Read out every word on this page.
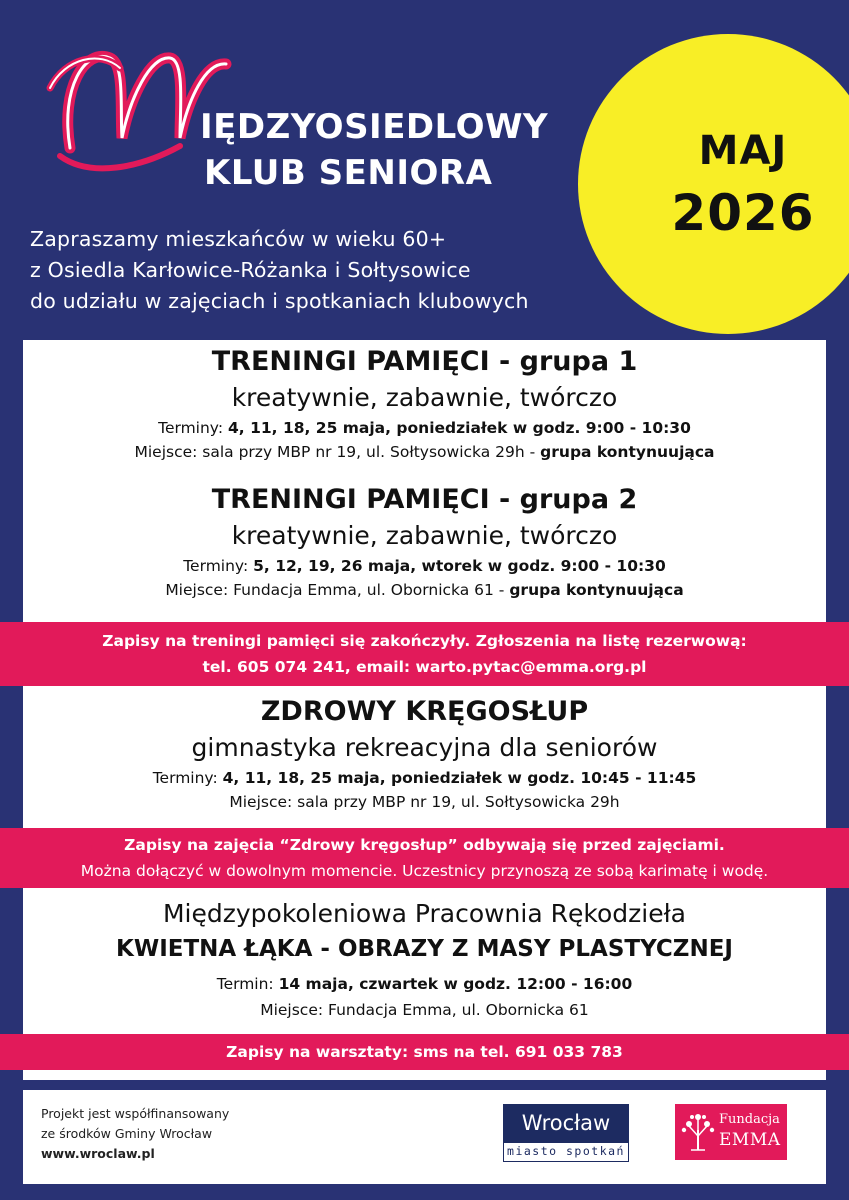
IĘDZYOSIEDLOWY
KLUB SENIORA	MAJ
2026
Zapraszamy mieszkańców w wieku 60+
z Osiedla Karłowice-Różanka i Sołtysowice
do udziału w zajęciach i spotkaniach klubowych
TRENINGI PAMIĘCI - grupa 1
kreatywnie, zabawnie, twórczo
Terminy: 4, 11, 18, 25 maja, poniedziałek w godz. 9:00 - 10:30
Miejsce: sala przy MBP nr 19, ul. Sołtysowicka 29h - grupa kontynuująca
TRENINGI PAMIĘCI - grupa 2
kreatywnie, zabawnie, twórczo
Terminy: 5, 12, 19, 26 maja, wtorek w godz. 9:00 - 10:30
Miejsce: Fundacja Emma, ul. Obornicka 61 - grupa kontynuująca
ZDROWY KRĘGOSŁUP
gimnastyka rekreacyjna dla seniorów
Terminy: 4, 11, 18, 25 maja, poniedziałek w godz. 10:45 - 11:45
Miejsce: sala przy MBP nr 19, ul. Sołtysowicka 29h
Międzypokoleniowa Pracownia Rękodzieła
KWIETNA ŁĄKA - OBRAZY Z MASY PLASTYCZNEJ
Termin: 14 maja, czwartek w godz. 12:00 - 16:00
Miejsce: Fundacja Emma, ul. Obornicka 61
Zapisy na treningi pamięci się zakończyły. Zgłoszenia na listę rezerwową:
tel. 605 074 241, email: warto.pytac@emma.org.pl
Zapisy na zajęcia “Zdrowy kręgosłup” odbywają się przed zajęciami.
Można dołączyć w dowolnym momencie. Uczestnicy przynoszą ze sobą karimatę i wodę.
Zapisy na warsztaty: sms na tel. 691 033 783
Projekt jest współfinansowany
ze środków Gminy Wrocław
www.wroclaw.pl
Wrocław
miasto spotkań
Fundacja
EMMA
